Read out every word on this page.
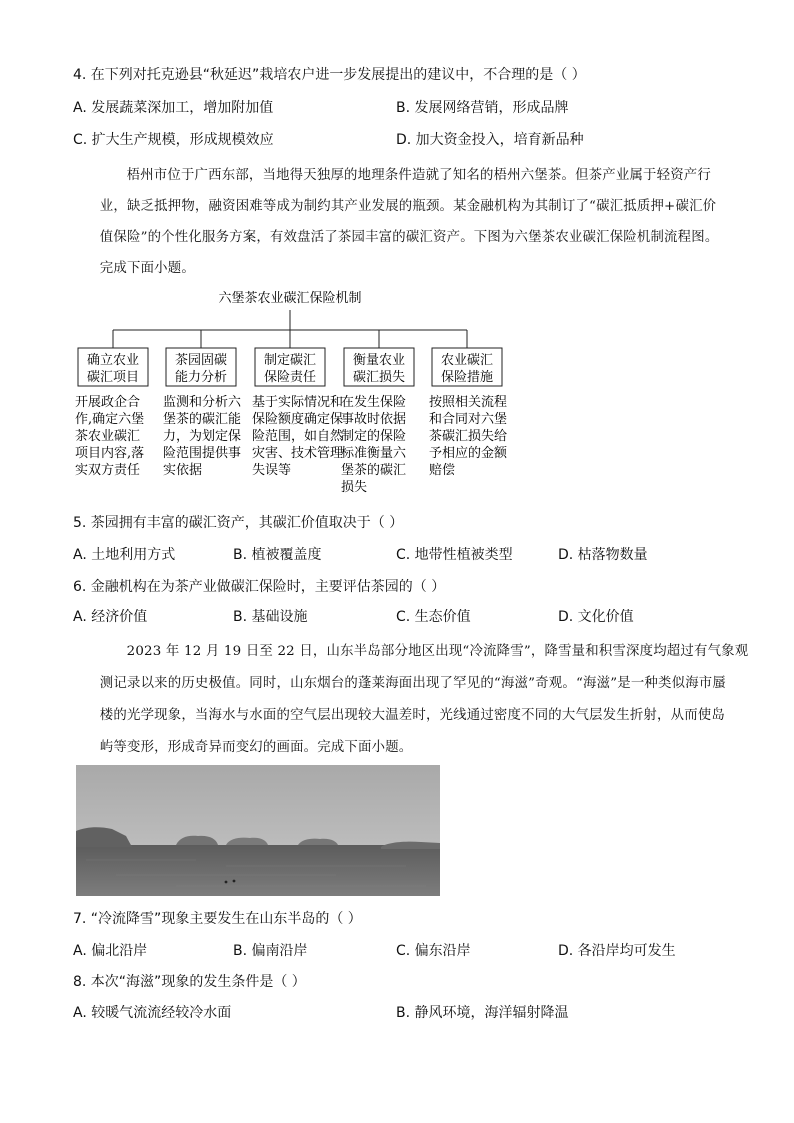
4. 在下列对托克逊县“秋延迟”栽培农户进一步发展提出的建议中，不合理的是（ ）
A. 发展蔬菜深加工，增加附加值	B. 发展网络营销，形成品牌
C. 扩大生产规模，形成规模效应	D. 加大资金投入，培育新品种
梧州市位于广西东部，当地得天独厚的地理条件造就了知名的梧州六堡茶。但茶产业属于轻资产行
业，缺乏抵押物，融资困难等成为制约其产业发展的瓶颈。某金融机构为其制订了“碳汇抵质押+碳汇价
值保险”的个性化服务方案，有效盘活了茶园丰富的碳汇资产。下图为六堡茶农业碳汇保险机制流程图。
完成下面小题。
六堡茶农业碳汇保险机制
确立农业
碳汇项目
开展政企合
作,确定六堡
茶农业碳汇
项目内容,落
实双方责任
茶园固碳
能力分析
监测和分析六
堡茶的碳汇能
力，为划定保
险范围提供事
实依据
制定碳汇
保险责任
基于实际情况和
保险额度确定保
险范围，如自然
灾害、技术管理
失误等
衡量农业
碳汇损失
在发生保险
事故时依据
制定的保险
标准衡量六
堡茶的碳汇
损失
农业碳汇
保险措施
按照相关流程
和合同对六堡
茶碳汇损失给
予相应的金额
赔偿
5. 茶园拥有丰富的碳汇资产，其碳汇价值取决于（ ）
A. 土地利用方式	B. 植被覆盖度	C. 地带性植被类型	D. 枯落物数量
6. 金融机构在为茶产业做碳汇保险时，主要评估茶园的（ ）
A. 经济价值	B. 基础设施	C. 生态价值	D. 文化价值
2023 年 12 月 19 日至 22 日，山东半岛部分地区出现“冷流降雪”，降雪量和积雪深度均超过有气象观
测记录以来的历史极值。同时，山东烟台的蓬莱海面出现了罕见的“海滋”奇观。“海滋”是一种类似海市蜃
楼的光学现象，当海水与水面的空气层出现较大温差时，光线通过密度不同的大气层发生折射，从而使岛
屿等变形，形成奇异而变幻的画面。完成下面小题。
7. “冷流降雪”现象主要发生在山东半岛的（ ）
A. 偏北沿岸	B. 偏南沿岸	C. 偏东沿岸	D. 各沿岸均可发生
8. 本次“海滋”现象的发生条件是（ ）
A. 较暖气流流经较冷水面	B. 静风环境，海洋辐射降温
